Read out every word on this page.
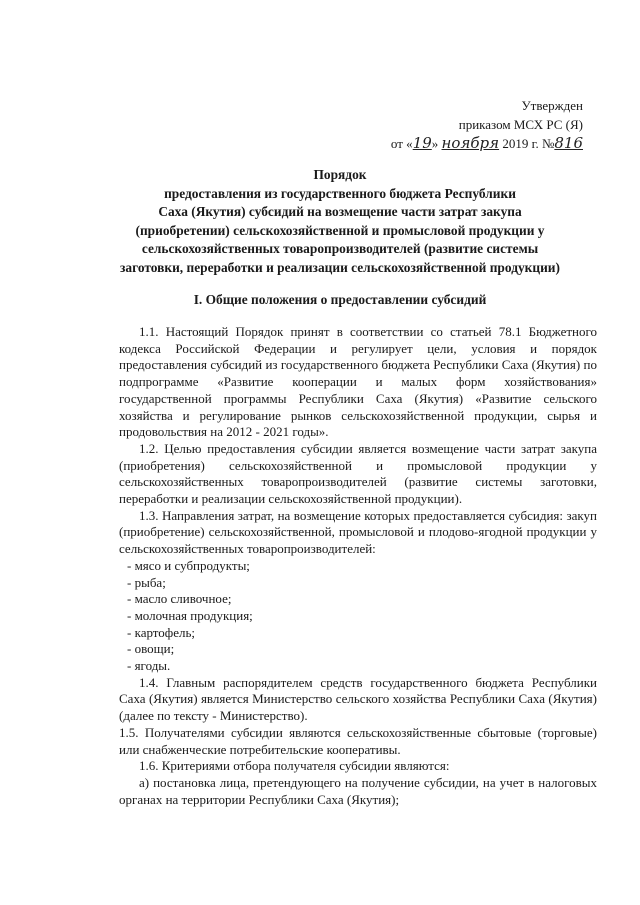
Утвержден
приказом МСХ РС (Я)
от «19» ноября 2019 г. №816
Порядок
предоставления из государственного бюджета Республики
Саха (Якутия) субсидий на возмещение части затрат закупа
(приобретении) сельскохозяйственной и промысловой продукции у
сельскохозяйственных товаропроизводителей (развитие системы
заготовки, переработки и реализации сельскохозяйственной продукции)
I. Общие положения о предоставлении субсидий

1.1. Настоящий Порядок принят в соответствии со статьей 78.1 Бюджетного кодекса Российской Федерации и регулирует цели, условия и порядок предоставления субсидий из государственного бюджета Республики Саха (Якутия) по подпрограмме «Развитие кооперации и малых форм хозяйствования» государственной программы Республики Саха (Якутия) «Развитие сельского хозяйства и регулирование рынков сельскохозяйственной продукции, сырья и продовольствия на 2012 - 2021 годы».

1.2. Целью предоставления субсидии является возмещение части затрат закупа (приобретения) сельскохозяйственной и промысловой продукции у сельскохозяйственных товаропроизводителей (развитие системы заготовки, переработки и реализации сельскохозяйственной продукции).

1.3. Направления затрат, на возмещение которых предоставляется субсидия: закуп (приобретение) сельскохозяйственной, промысловой и плодово-ягодной продукции у сельскохозяйственных товаропроизводителей:

- мясо и субпродукты;

- рыба;

- масло сливочное;

- молочная продукция;

- картофель;

- овощи;

- ягоды.

1.4. Главным распорядителем средств государственного бюджета Республики Саха (Якутия) является Министерство сельского хозяйства Республики Саха (Якутия) (далее по тексту - Министерство).

1.5. Получателями субсидии являются сельскохозяйственные сбытовые (торговые) или снабженческие потребительские кооперативы.

1.6. Критериями отбора получателя субсидии являются:

а) постановка лица, претендующего на получение субсидии, на учет в налоговых органах на территории Республики Саха (Якутия);
